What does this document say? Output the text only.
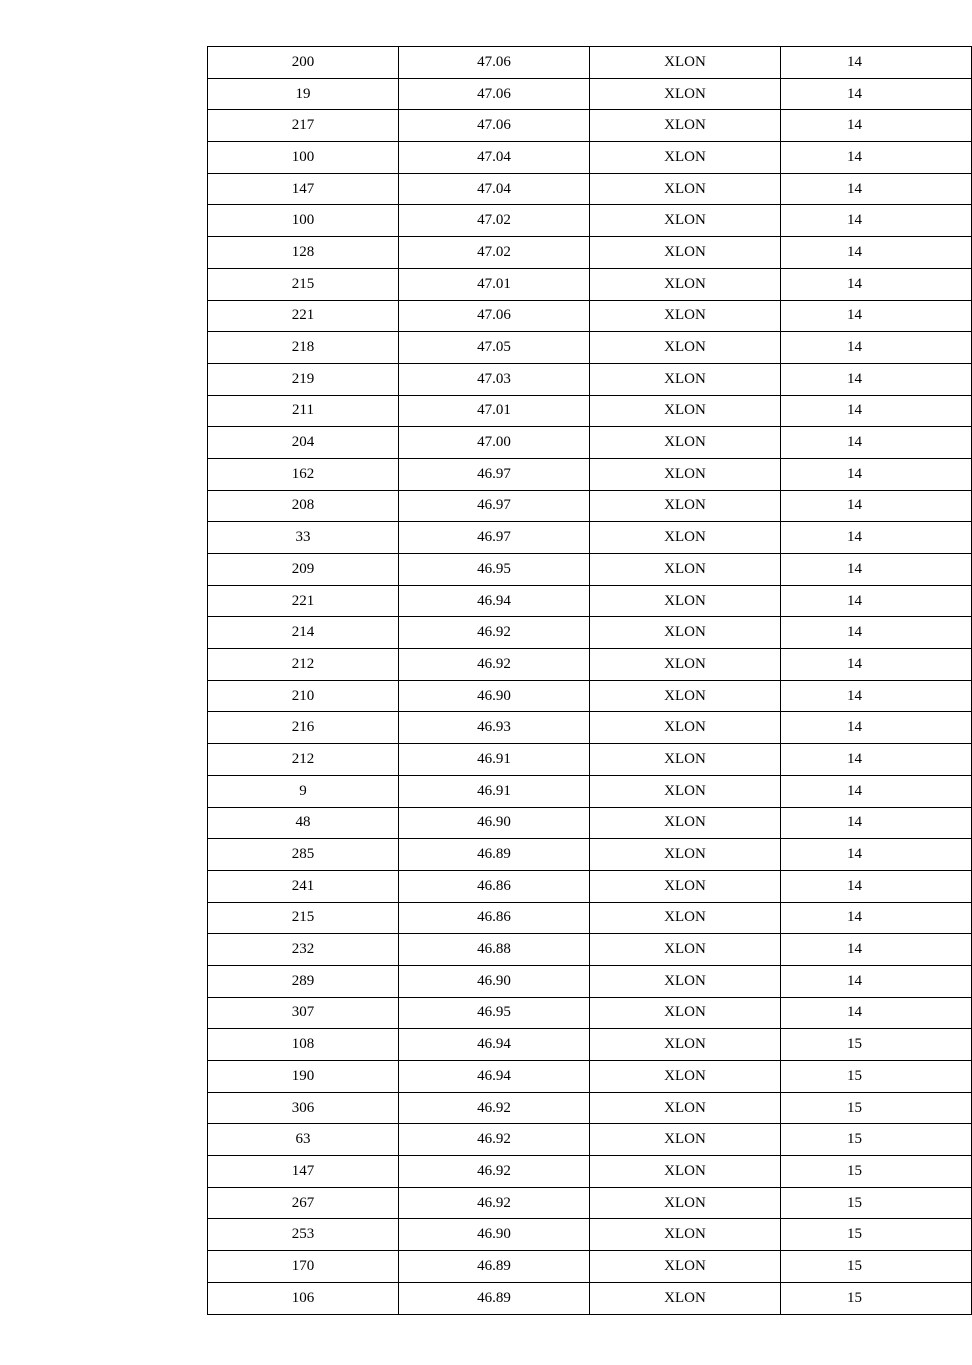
200	47.06	XLON	14
19	47.06	XLON	14
217	47.06	XLON	14
100	47.04	XLON	14
147	47.04	XLON	14
100	47.02	XLON	14
128	47.02	XLON	14
215	47.01	XLON	14
221	47.06	XLON	14
218	47.05	XLON	14
219	47.03	XLON	14
211	47.01	XLON	14
204	47.00	XLON	14
162	46.97	XLON	14
208	46.97	XLON	14
33	46.97	XLON	14
209	46.95	XLON	14
221	46.94	XLON	14
214	46.92	XLON	14
212	46.92	XLON	14
210	46.90	XLON	14
216	46.93	XLON	14
212	46.91	XLON	14
9	46.91	XLON	14
48	46.90	XLON	14
285	46.89	XLON	14
241	46.86	XLON	14
215	46.86	XLON	14
232	46.88	XLON	14
289	46.90	XLON	14
307	46.95	XLON	14
108	46.94	XLON	15
190	46.94	XLON	15
306	46.92	XLON	15
63	46.92	XLON	15
147	46.92	XLON	15
267	46.92	XLON	15
253	46.90	XLON	15
170	46.89	XLON	15
106	46.89	XLON	15
